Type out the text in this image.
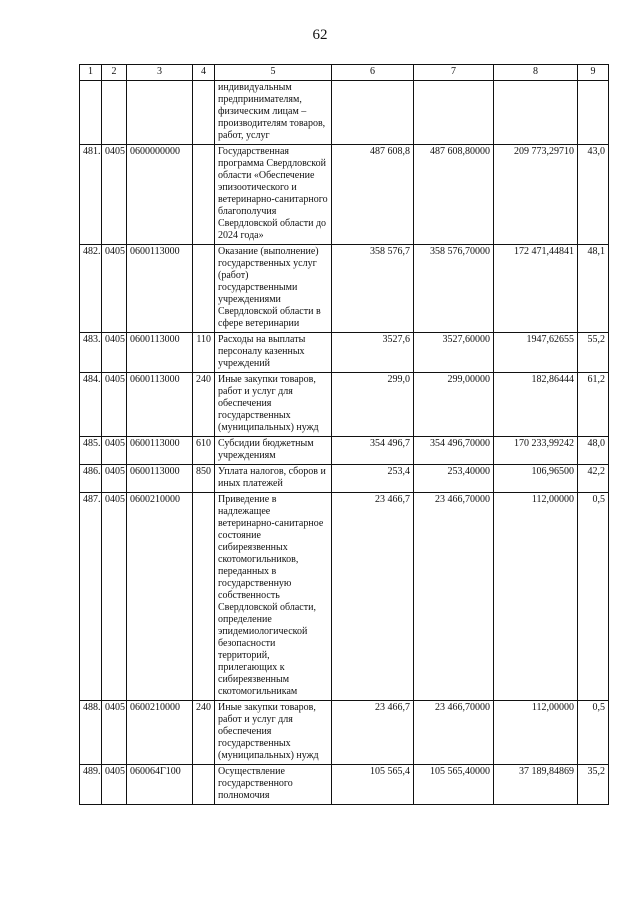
62
1	2	3	4	5	6	7	8	9
				индивидуальным предпринимателям, физическим лицам – производителям товаров, работ, услуг				
481.	0405	0600000000		Государственная программа Свердловской области «Обеспечение эпизоотического и ветеринарно-санитарного благополучия Свердловской области до 2024 года»	487 608,8	487 608,80000	209 773,29710	43,0
482.	0405	0600113000		Оказание (выполнение) государственных услуг (работ) государственными учреждениями Свердловской области в сфере ветеринарии	358 576,7	358 576,70000	172 471,44841	48,1
483.	0405	0600113000	110	Расходы на выплаты персоналу казенных учреждений	3527,6	3527,60000	1947,62655	55,2
484.	0405	0600113000	240	Иные закупки товаров, работ и услуг для обеспечения государственных (муниципальных) нужд	299,0	299,00000	182,86444	61,2
485.	0405	0600113000	610	Субсидии бюджетным учреждениям	354 496,7	354 496,70000	170 233,99242	48,0
486.	0405	0600113000	850	Уплата налогов, сборов и иных платежей	253,4	253,40000	106,96500	42,2
487.	0405	0600210000		Приведение в надлежащее ветеринарно-санитарное состояние сибиреязвенных скотомогильников, переданных в государственную собственность Свердловской области, определение эпидемиологической безопасности территорий, прилегающих к сибиреязвенным скотомогильникам	23 466,7	23 466,70000	112,00000	0,5
488.	0405	0600210000	240	Иные закупки товаров, работ и услуг для обеспечения государственных (муниципальных) нужд	23 466,7	23 466,70000	112,00000	0,5
489.	0405	060064Г100		Осуществление государственного полномочия	105 565,4	105 565,40000	37 189,84869	35,2
